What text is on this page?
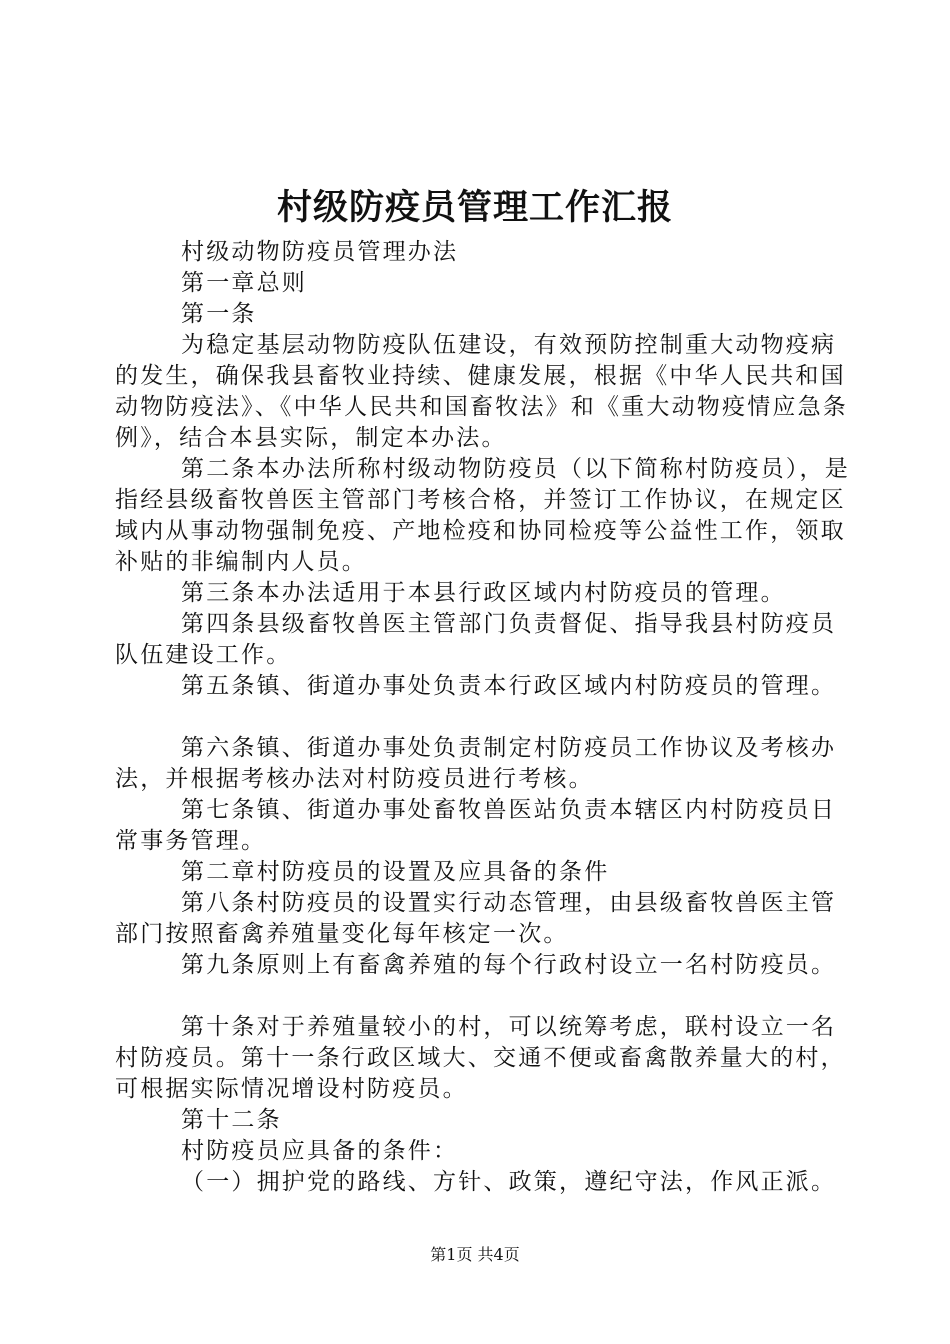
村级防疫员管理工作汇报

村级动物防疫员管理办法

第一章总则

第一条

为稳定基层动物防疫队伍建设，有效预防控制重大动物疫病的发生，确保我县畜牧业持续、健康发展，根据《中华人民共和国动物防疫法》、《中华人民共和国畜牧法》和《重大动物疫情应急条例》，结合本县实际，制定本办法。

第二条本办法所称村级动物防疫员（以下简称村防疫员），是指经县级畜牧兽医主管部门考核合格，并签订工作协议，在规定区域内从事动物强制免疫、产地检疫和协同检疫等公益性工作，领取补贴的非编制内人员。

第三条本办法适用于本县行政区域内村防疫员的管理。

第四条县级畜牧兽医主管部门负责督促、指导我县村防疫员队伍建设工作。

第五条镇、街道办事处负责本行政区域内村防疫员的管理。

第六条镇、街道办事处负责制定村防疫员工作协议及考核办法，并根据考核办法对村防疫员进行考核。

第七条镇、街道办事处畜牧兽医站负责本辖区内村防疫员日常事务管理。

第二章村防疫员的设置及应具备的条件

第八条村防疫员的设置实行动态管理，由县级畜牧兽医主管部门按照畜禽养殖量变化每年核定一次。

第九条原则上有畜禽养殖的每个行政村设立一名村防疫员。

第十条对于养殖量较小的村，可以统筹考虑，联村设立一名村防疫员。第十一条行政区域大、交通不便或畜禽散养量大的村，可根据实际情况增设村防疫员。

第十二条

村防疫员应具备的条件：

（一）拥护党的路线、方针、政策，遵纪守法，作风正派。

第1页 共4页
